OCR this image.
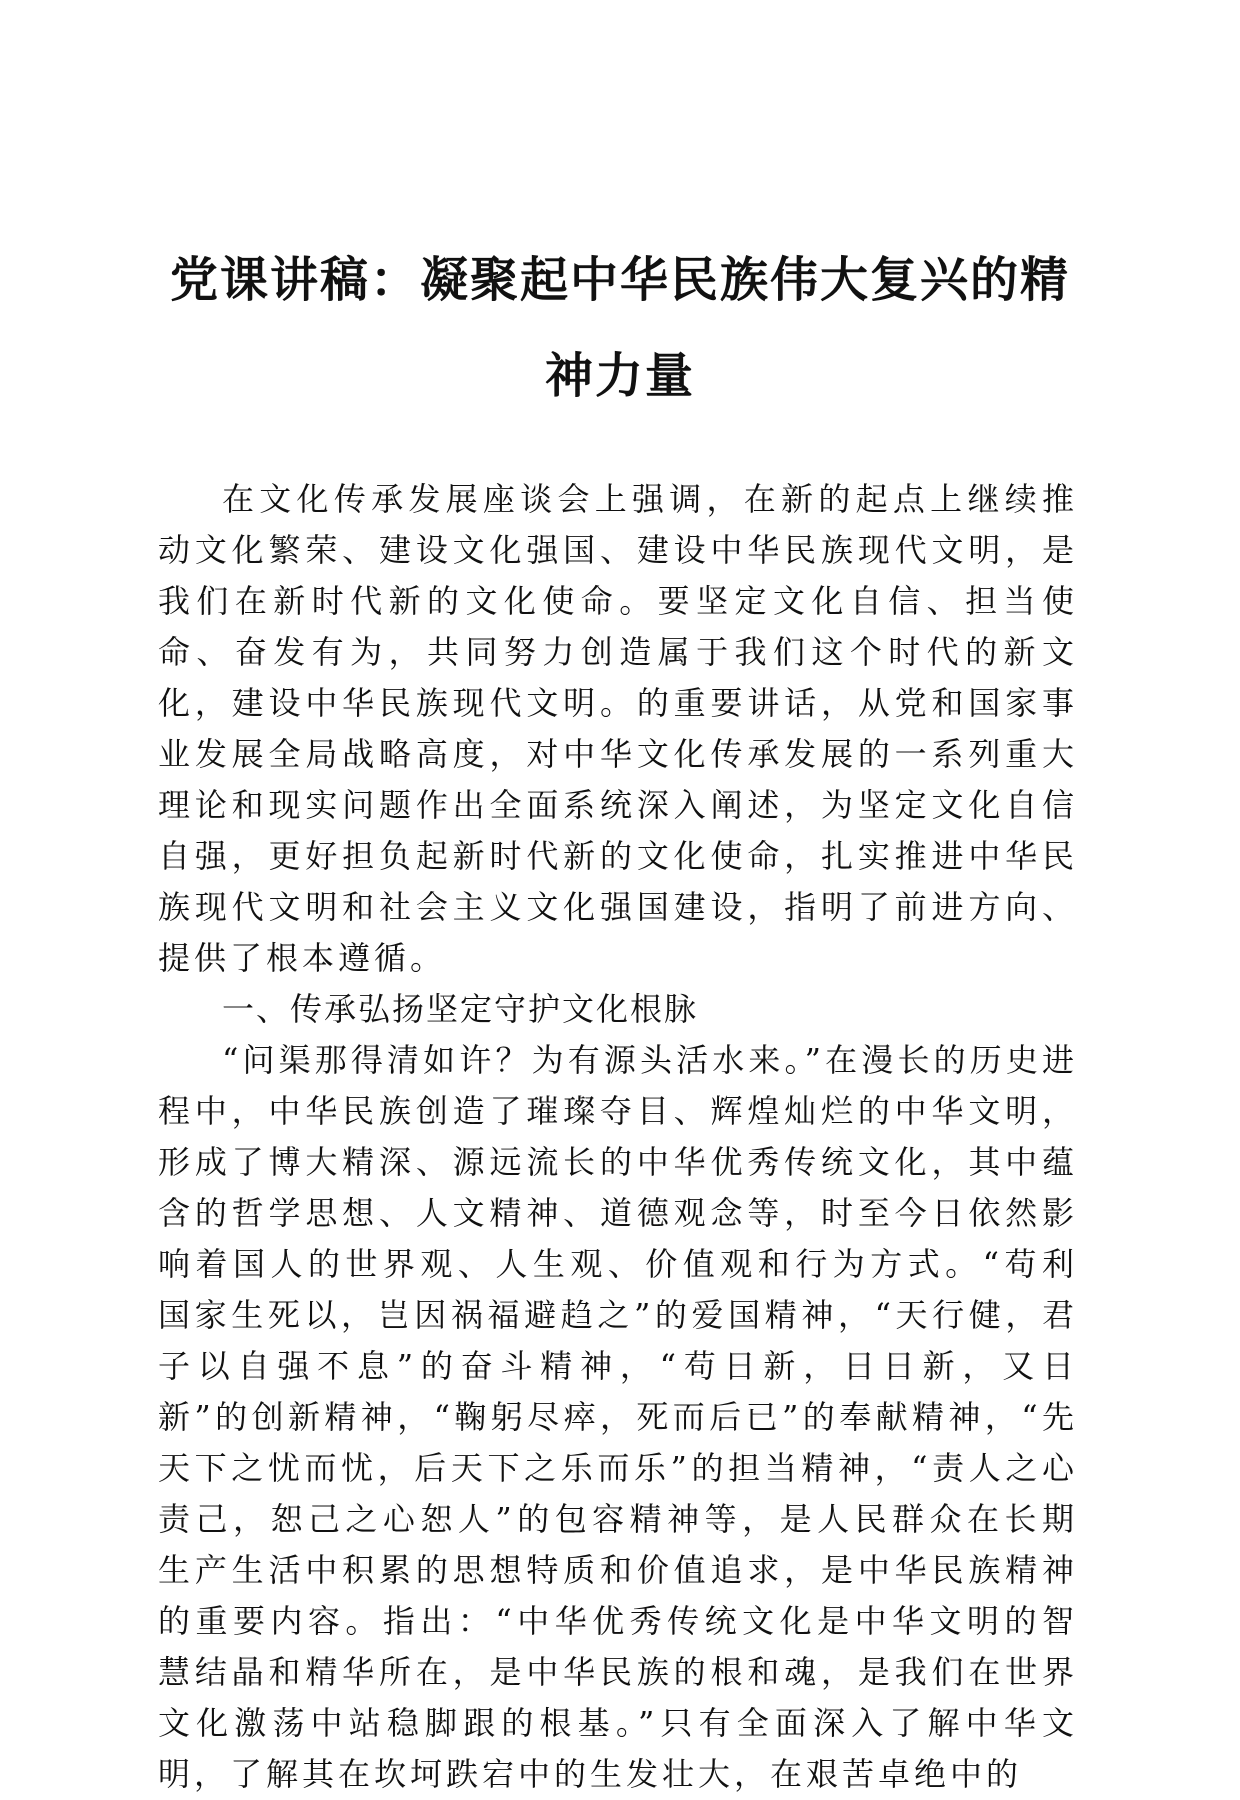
党课讲稿：凝聚起中华民族伟大复兴的精神力量

在文化传承发展座谈会上强调，在新的起点上继续推动文化繁荣、建设文化强国、建设中华民族现代文明，是我们在新时代新的文化使命。要坚定文化自信、担当使命、奋发有为，共同努力创造属于我们这个时代的新文化，建设中华民族现代文明。的重要讲话，从党和国家事业发展全局战略高度，对中华文化传承发展的一系列重大理论和现实问题作出全面系统深入阐述，为坚定文化自信自强，更好担负起新时代新的文化使命，扎实推进中华民族现代文明和社会主义文化强国建设，指明了前进方向、提供了根本遵循。

一、传承弘扬坚定守护文化根脉

“问渠那得清如许？为有源头活水来。”在漫长的历史进程中，中华民族创造了璀璨夺目、辉煌灿烂的中华文明，形成了博大精深、源远流长的中华优秀传统文化，其中蕴含的哲学思想、人文精神、道德观念等，时至今日依然影响着国人的世界观、人生观、价值观和行为方式。“苟利国家生死以，岂因祸福避趋之”的爱国精神，“天行健，君子以自强不息”的奋斗精神，“苟日新，日日新，又日新”的创新精神，“鞠躬尽瘁，死而后已”的奉献精神，“先天下之忧而忧，后天下之乐而乐”的担当精神，“责人之心责己，恕己之心恕人”的包容精神等，是人民群众在长期生产生活中积累的思想特质和价值追求，是中华民族精神的重要内容。指出：“中华优秀传统文化是中华文明的智慧结晶和精华所在，是中华民族的根和魂，是我们在世界文化激荡中站稳脚跟的根基。”只有全面深入了解中华文明，了解其在坎坷跌宕中的生发壮大，在艰苦卓绝中的
